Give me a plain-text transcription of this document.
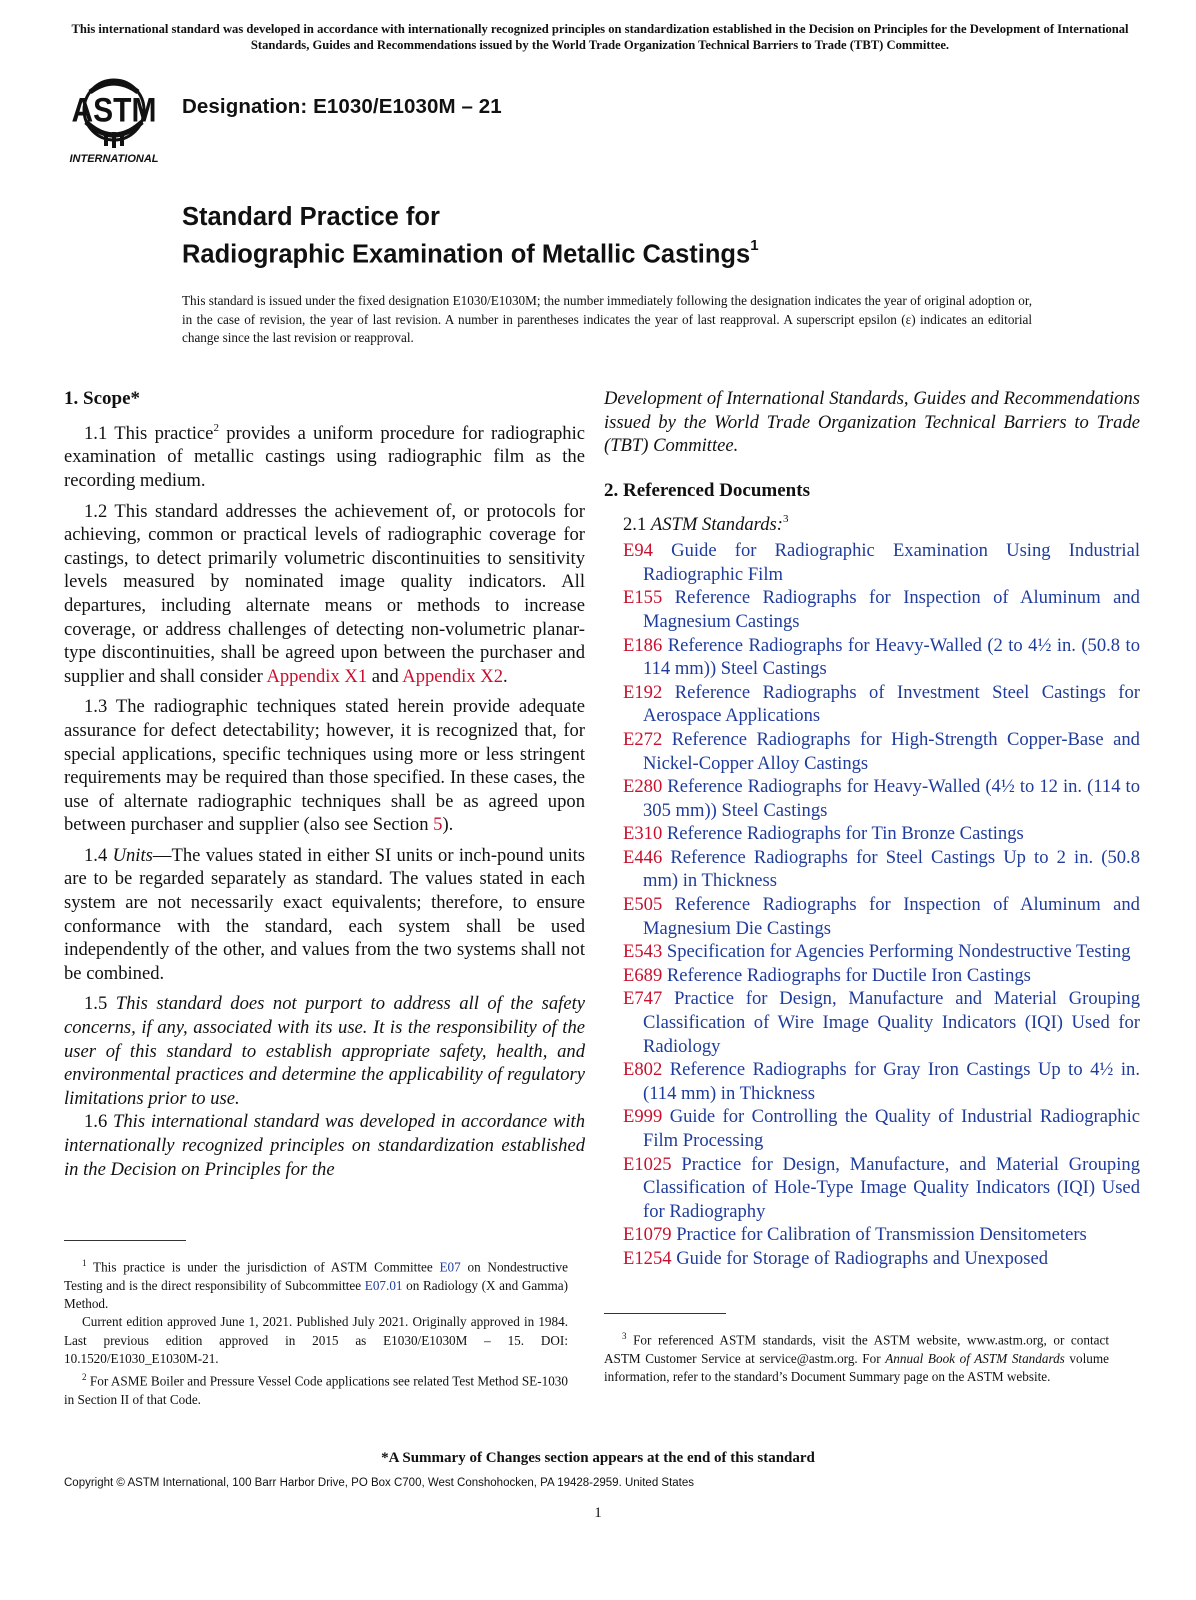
This international standard was developed in accordance with internationally recognized principles on standardization established in the Decision on Principles for the Development of International Standards, Guides and Recommendations issued by the World Trade Organization Technical Barriers to Trade (TBT) Committee.
ASTM
INTERNATIONAL
Designation: E1030/E1030M – 21
Standard Practice for
Radiographic Examination of Metallic Castings$^1$
This standard is issued under the fixed designation E1030/E1030M; the number immediately following the designation indicates the year of original adoption or, in the case of revision, the year of last revision. A number in parentheses indicates the year of last reapproval. A superscript epsilon (ε) indicates an editorial change since the last revision or reapproval.
1. Scope*

1.1 This practice$^2$ provides a uniform procedure for radiographic examination of metallic castings using radiographic film as the recording medium.

1.2 This standard addresses the achievement of, or protocols for achieving, common or practical levels of radiographic coverage for castings, to detect primarily volumetric discontinuities to sensitivity levels measured by nominated image quality indicators. All departures, including alternate means or methods to increase coverage, or address challenges of detecting non-volumetric planar-type discontinuities, shall be agreed upon between the purchaser and supplier and shall consider Appendix X1 and Appendix X2.

1.3 The radiographic techniques stated herein provide adequate assurance for defect detectability; however, it is recognized that, for special applications, specific techniques using more or less stringent requirements may be required than those specified. In these cases, the use of alternate radiographic techniques shall be as agreed upon between purchaser and supplier (also see Section 5).

1.4 Units—The values stated in either SI units or inch-pound units are to be regarded separately as standard. The values stated in each system are not necessarily exact equivalents; therefore, to ensure conformance with the standard, each system shall be used independently of the other, and values from the two systems shall not be combined.

1.5 This standard does not purport to address all of the safety concerns, if any, associated with its use. It is the responsibility of the user of this standard to establish appropriate safety, health, and environmental practices and determine the applicability of regulatory limitations prior to use.

1.6 This international standard was developed in accordance with internationally recognized principles on standardization established in the Decision on Principles for the

Development of International Standards, Guides and Recommendations issued by the World Trade Organization Technical Barriers to Trade (TBT) Committee.

2. Referenced Documents

2.1 ASTM Standards:$^3$

E94 Guide for Radiographic Examination Using Industrial Radiographic Film

E155 Reference Radiographs for Inspection of Aluminum and Magnesium Castings

E186 Reference Radiographs for Heavy-Walled (2 to 4½ in. (50.8 to 114 mm)) Steel Castings

E192 Reference Radiographs of Investment Steel Castings for Aerospace Applications

E272 Reference Radiographs for High-Strength Copper-Base and Nickel-Copper Alloy Castings

E280 Reference Radiographs for Heavy-Walled (4½ to 12 in. (114 to 305 mm)) Steel Castings

E310 Reference Radiographs for Tin Bronze Castings

E446 Reference Radiographs for Steel Castings Up to 2 in. (50.8 mm) in Thickness

E505 Reference Radiographs for Inspection of Aluminum and Magnesium Die Castings

E543 Specification for Agencies Performing Nondestructive Testing

E689 Reference Radiographs for Ductile Iron Castings

E747 Practice for Design, Manufacture and Material Grouping Classification of Wire Image Quality Indicators (IQI) Used for Radiology

E802 Reference Radiographs for Gray Iron Castings Up to 4½ in. (114 mm) in Thickness

E999 Guide for Controlling the Quality of Industrial Radiographic Film Processing

E1025 Practice for Design, Manufacture, and Material Grouping Classification of Hole-Type Image Quality Indicators (IQI) Used for Radiography

E1079 Practice for Calibration of Transmission Densitometers

E1254 Guide for Storage of Radiographs and Unexposed

$^1$ This practice is under the jurisdiction of ASTM Committee E07 on Nondestructive Testing and is the direct responsibility of Subcommittee E07.01 on Radiology (X and Gamma) Method.

Current edition approved June 1, 2021. Published July 2021. Originally approved in 1984. Last previous edition approved in 2015 as E1030/E1030M – 15. DOI: 10.1520/E1030_E1030M-21.

$^2$ For ASME Boiler and Pressure Vessel Code applications see related Test Method SE-1030 in Section II of that Code.

$^3$ For referenced ASTM standards, visit the ASTM website, www.astm.org, or contact ASTM Customer Service at service@astm.org. For Annual Book of ASTM Standards volume information, refer to the standard’s Document Summary page on the ASTM website.

*A Summary of Changes section appears at the end of this standard
Copyright © ASTM International, 100 Barr Harbor Drive, PO Box C700, West Conshohocken, PA 19428-2959. United States
1
